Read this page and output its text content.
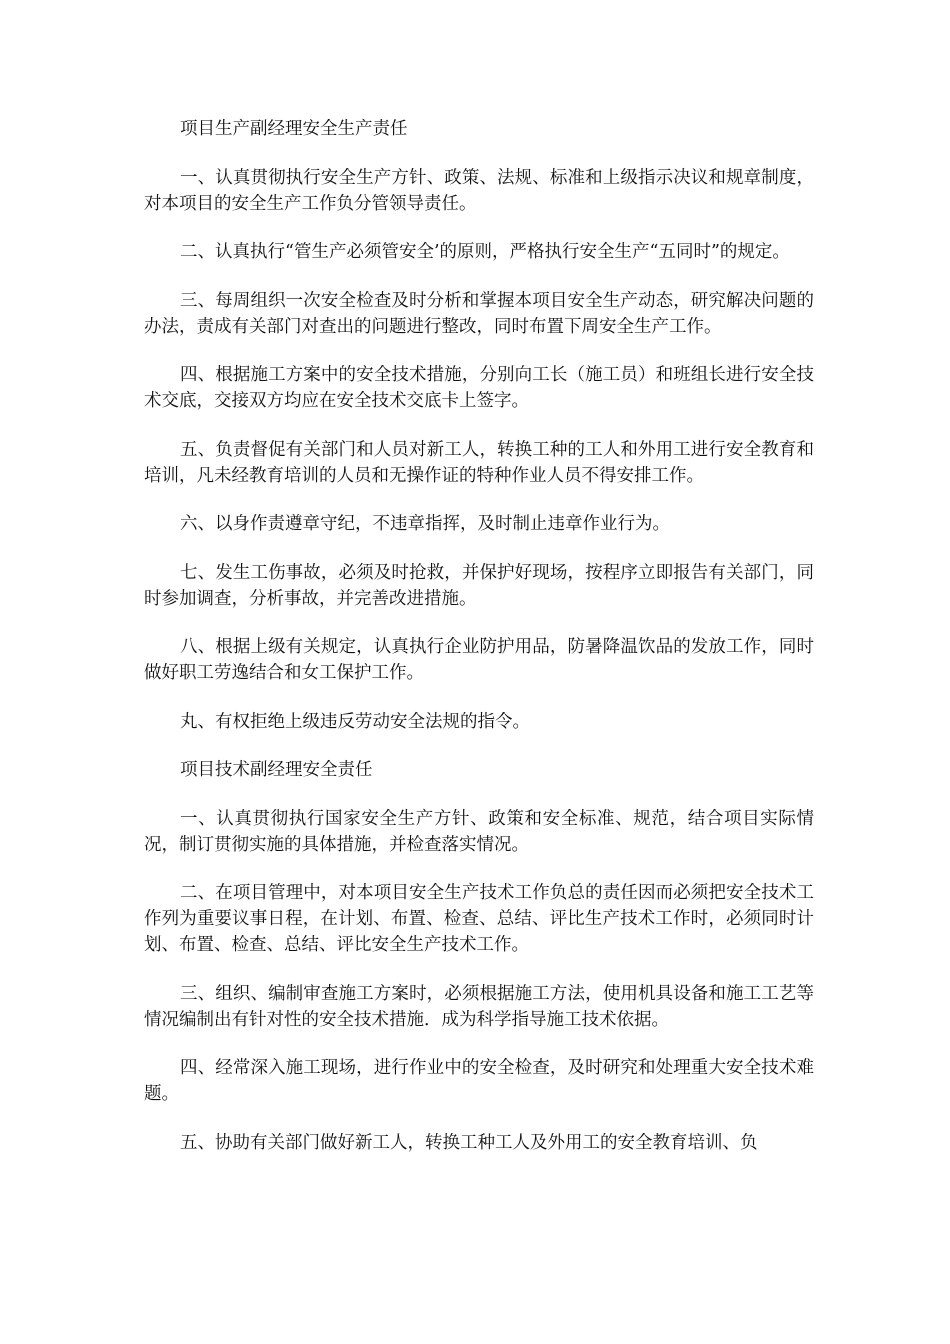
项目生产副经理安全生产责任

一、认真贯彻执行安全生产方针、政策、法规、标准和上级指示决议和规章制度，对本项目的安全生产工作负分管领导责任。

二、认真执行“管生产必须管安全’的原则，严格执行安全生产“五同时”的规定。

三、每周组织一次安全检查及时分析和掌握本项目安全生产动态，研究解决问题的办法，责成有关部门对查出的问题进行整改，同时布置下周安全生产工作。

四、根据施工方案中的安全技术措施，分别向工长（施工员）和班组长进行安全技术交底，交接双方均应在安全技术交底卡上签字。

五、负责督促有关部门和人员对新工人，转换工种的工人和外用工进行安全教育和培训，凡未经教育培训的人员和无操作证的特种作业人员不得安排工作。

六、以身作责遵章守纪，不违章指挥，及时制止违章作业行为。

七、发生工伤事故，必须及时抢救，并保护好现场，按程序立即报告有关部门，同时参加调查，分析事故，并完善改进措施。

八、根据上级有关规定，认真执行企业防护用品，防暑降温饮品的发放工作，同时做好职工劳逸结合和女工保护工作。

丸、有权拒绝上级违反劳动安全法规的指令。

项目技术副经理安全责任

一、认真贯彻执行国家安全生产方针、政策和安全标准、规范，结合项目实际情况，制订贯彻实施的具体措施，并检查落实情况。

二、在项目管理中，对本项目安全生产技术工作负总的责任因而必须把安全技术工作列为重要议事日程，在计划、布置、检查、总结、评比生产技术工作时，必须同时计划、布置、检查、总结、评比安全生产技术工作。

三、组织、编制审查施工方案时，必须根据施工方法，使用机具设备和施工工艺等情况编制出有针对性的安全技术措施．成为科学指导施工技术依据。

四、经常深入施工现场，进行作业中的安全检查，及时研究和处理重大安全技术难题。

五、协助有关部门做好新工人，转换工种工人及外用工的安全教育培训、负
